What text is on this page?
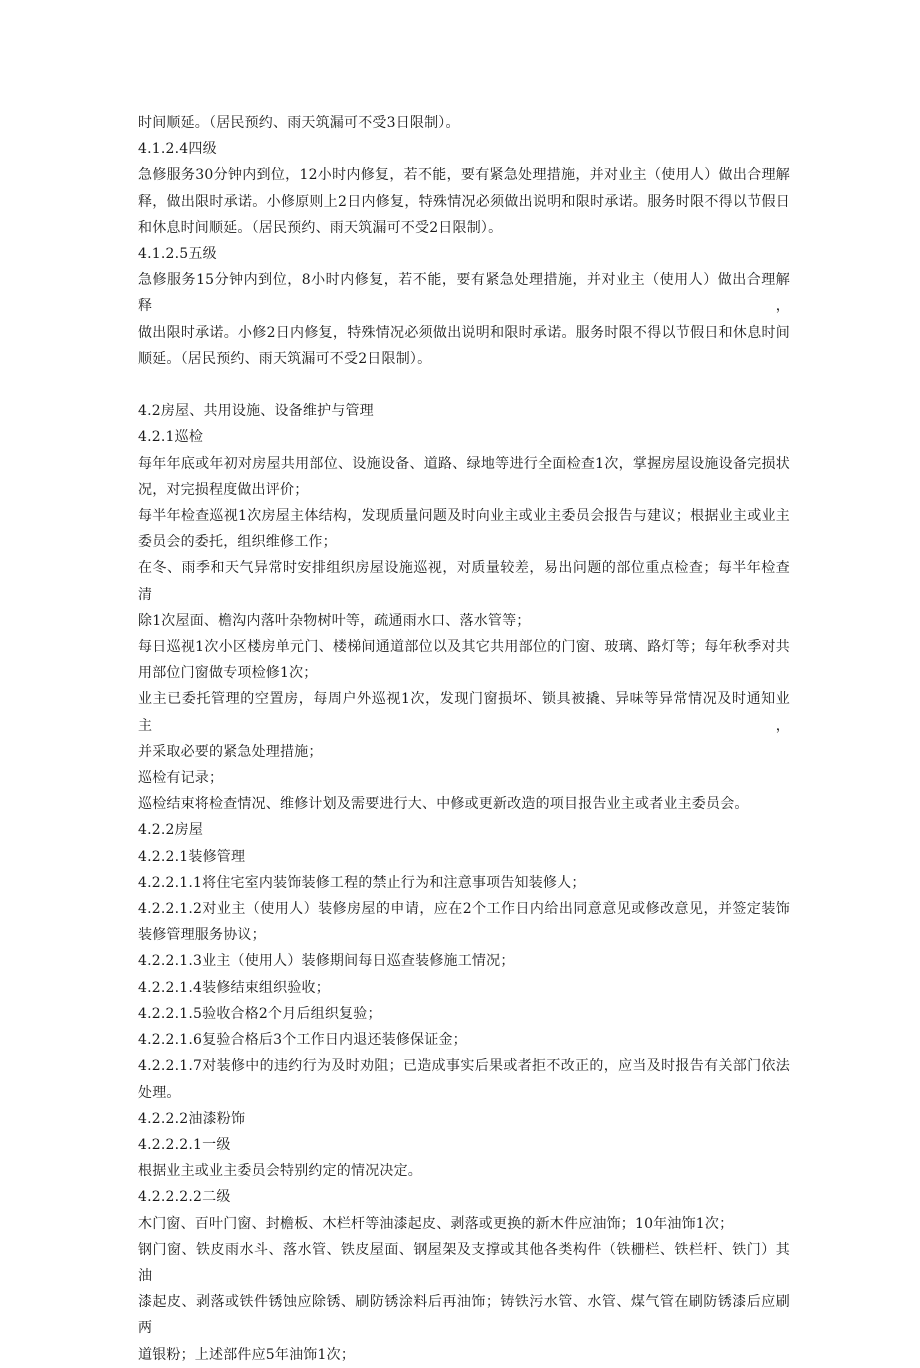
时间顺延。（居民预约、雨天筑漏可不受3日限制）。
4.1.2.4四级
急修服务30分钟内到位，12小时内修复，若不能，要有紧急处理措施，并对业主（使用人）做出合理解
释，做出限时承诺。小修原则上2日内修复，特殊情况必须做出说明和限时承诺。服务时限不得以节假日
和休息时间顺延。（居民预约、雨天筑漏可不受2日限制）。
4.1.2.5五级
急修服务15分钟内到位，8小时内修复，若不能，要有紧急处理措施，并对业主（使用人）做出合理解释，
做出限时承诺。小修2日内修复，特殊情况必须做出说明和限时承诺。服务时限不得以节假日和休息时间
顺延。（居民预约、雨天筑漏可不受2日限制）。
4.2房屋、共用设施、设备维护与管理
4.2.1巡检
每年年底或年初对房屋共用部位、设施设备、道路、绿地等进行全面检查1次，掌握房屋设施设备完损状
况，对完损程度做出评价；
每半年检查巡视1次房屋主体结构，发现质量问题及时向业主或业主委员会报告与建议；根据业主或业主
委员会的委托，组织维修工作；
在冬、雨季和天气异常时安排组织房屋设施巡视，对质量较差，易出问题的部位重点检查；每半年检查清
除1次屋面、檐沟内落叶杂物树叶等，疏通雨水口、落水管等；
每日巡视1次小区楼房单元门、楼梯间通道部位以及其它共用部位的门窗、玻璃、路灯等；每年秋季对共
用部位门窗做专项检修1次；
业主已委托管理的空置房，每周户外巡视1次，发现门窗损坏、锁具被撬、异味等异常情况及时通知业主，
并采取必要的紧急处理措施；
巡检有记录；
巡检结束将检查情况、维修计划及需要进行大、中修或更新改造的项目报告业主或者业主委员会。
4.2.2房屋
4.2.2.1装修管理
4.2.2.1.1将住宅室内装饰装修工程的禁止行为和注意事项告知装修人；
4.2.2.1.2对业主（使用人）装修房屋的申请，应在2个工作日内给出同意意见或修改意见，并签定装饰
装修管理服务协议；
4.2.2.1.3业主（使用人）装修期间每日巡查装修施工情况；
4.2.2.1.4装修结束组织验收；
4.2.2.1.5验收合格2个月后组织复验；
4.2.2.1.6复验合格后3个工作日内退还装修保证金；
4.2.2.1.7对装修中的违约行为及时劝阻；已造成事实后果或者拒不改正的，应当及时报告有关部门依法
处理。
4.2.2.2油漆粉饰
4.2.2.2.1一级
根据业主或业主委员会特别约定的情况决定。
4.2.2.2.2二级
木门窗、百叶门窗、封檐板、木栏杆等油漆起皮、剥落或更换的新木件应油饰；10年油饰1次；
钢门窗、铁皮雨水斗、落水管、铁皮屋面、钢屋架及支撑或其他各类构件（铁栅栏、铁栏杆、铁门）其油
漆起皮、剥落或铁件锈蚀应除锈、刷防锈涂料后再油饰；铸铁污水管、水管、煤气管在刷防锈漆后应刷两
道银粉；上述部件应5年油饰1次；
